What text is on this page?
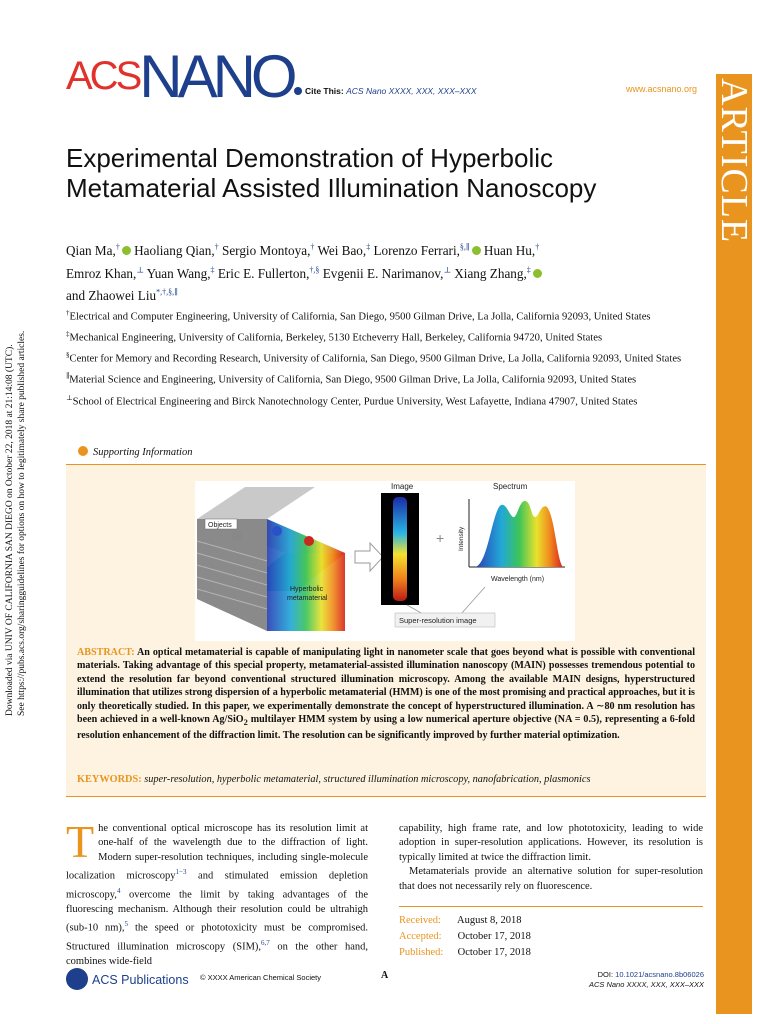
ACSNANO	Cite This: ACS Nano XXXX, XXX, XXX–XXX	www.acsnano.org ARTICLE
Downloaded via UNIV OF CALIFORNIA SAN DIEGO on October 22, 2018 at 21:14:08 (UTC). See https://pubs.acs.org/sharingguidelines for options on how to legitimately share published articles.
Experimental Demonstration of Hyperbolic Metamaterial Assisted Illumination Nanoscopy
Qian Ma,† Haoliang Qian,† Sergio Montoya,† Wei Bao,‡ Lorenzo Ferrari,§,∥ Huan Hu,†
Emroz Khan,⊥ Yuan Wang,‡ Eric E. Fullerton,†,§ Evgenii E. Narimanov,⊥ Xiang Zhang,‡
and Zhaowei Liu*,†,§,∥
†Electrical and Computer Engineering, University of California, San Diego, 9500 Gilman Drive, La Jolla, California 92093, United States
‡Mechanical Engineering, University of California, Berkeley, 5130 Etcheverry Hall, Berkeley, California 94720, United States
§Center for Memory and Recording Research, University of California, San Diego, 9500 Gilman Drive, La Jolla, California 92093, United States
∥Material Science and Engineering, University of California, San Diego, 9500 Gilman Drive, La Jolla, California 92093, United States
⊥School of Electrical Engineering and Birck Nanotechnology Center, Purdue University, West Lafayette, Indiana 47907, United States
Supporting Information
Objects
Hyperbolic
metamaterial
Image
+
Spectrum
Intensity
Wavelength (nm)
Super-resolution image
ABSTRACT: An optical metamaterial is capable of manipulating light in nanometer scale that goes beyond what is possible with conventional materials. Taking advantage of this special property, metamaterial-assisted illumination nanoscopy (MAIN) possesses tremendous potential to extend the resolution far beyond conventional structured illumination microscopy. Among the available MAIN designs, hyperstructured illumination that utilizes strong dispersion of a hyperbolic metamaterial (HMM) is one of the most promising and practical approaches, but it is only theoretically studied. In this paper, we experimentally demonstrate the concept of hyperstructured illumination. A ∼80 nm resolution has been achieved in a well-known Ag/SiO$_2$ multilayer HMM system by using a low numerical aperture objective (NA = 0.5), representing a 6-fold resolution enhancement of the diffraction limit. The resolution can be significantly improved by further material optimization.
KEYWORDS: super-resolution, hyperbolic metamaterial, structured illumination microscopy, nanofabrication, plasmonics
The conventional optical microscope has its resolution limit at one-half of the wavelength due to the diffraction of light. Modern super-resolution techniques, including single-molecule localization microscopy$^{1-3}$ and stimulated emission depletion microscopy,$^4$ overcome the limit by taking advantages of the fluorescing mechanism. Although their resolution could be ultrahigh (sub-10 nm),$^5$ the speed or phototoxicity must be compromised. Structured illumination microscopy (SIM),$^{6,7}$ on the other hand, combines wide-field

capability, high frame rate, and low phototoxicity, leading to wide adoption in super-resolution applications. However, its resolution is typically limited at twice the diffraction limit.

Metamaterials provide an alternative solution for super-resolution that does not necessarily rely on fluorescence.

Received: August 8, 2018
Accepted: October 17, 2018
Published: October 17, 2018
ACS Publications © XXXX American Chemical Society	A	DOI: 10.1021/acsnano.8b06026
ACS Nano XXXX, XXX, XXX–XXX
